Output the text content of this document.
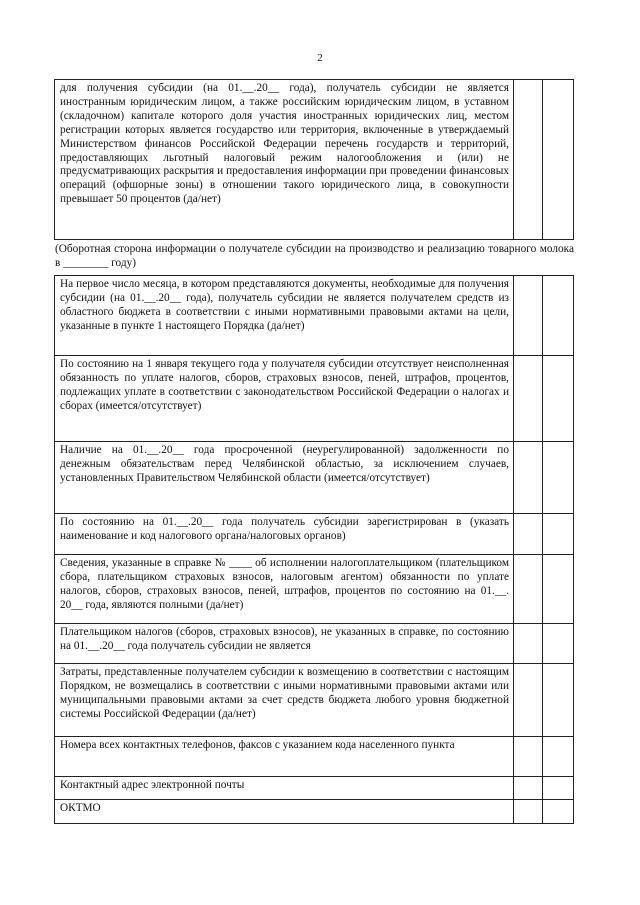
2
для получения субсидии (на 01.__.20__ года), получатель субсидии не является иностранным юридическим лицом, а также российским юридическим лицом, в уставном (складочном) капитале которого доля участия иностранных юридических лиц, местом регистрации которых является государство или территория, включенные в утверждаемый Министерством финансов Российской Федерации перечень государств и территорий, предоставляющих льготный налоговый режим налогообложения и (или) не предусматривающих раскрытия и предоставления информации при проведении финансовых операций (офшорные зоны) в отношении такого юридического лица, в совокупности превышает 50 процентов (да/нет)		
(Оборотная сторона информации о получателе субсидии на производство и реализацию товарного молока в ________ году)
На первое число месяца, в котором представляются документы, необходимые для получения субсидии (на 01.__.20__ года), получатель субсидии не является получателем средств из областного бюджета в соответствии с иными нормативными правовыми актами на цели, указанные в пункте 1 настоящего Порядка (да/нет)		
По состоянию на 1 января текущего года у получателя субсидии отсутствует неисполненная обязанность по уплате налогов, сборов, страховых взносов, пеней, штрафов, процентов, подлежащих уплате в соответствии с законодательством Российской Федерации о налогах и сборах (имеется/отсутствует)		
Наличие на 01.__.20__ года просроченной (неурегулированной) задолженности по денежным обязательствам перед Челябинской областью, за исключением случаев, установленных Правительством Челябинской области (имеется/отсутствует)		
По состоянию на 01.__.20__ года получатель субсидии зарегистрирован в (указать наименование и код налогового органа/налоговых органов)		
Сведения, указанные в справке № ____ об исполнении налогоплательщиком (плательщиком сбора, плательщиком страховых взносов, налоговым агентом) обязанности по уплате налогов, сборов, страховых взносов, пеней, штрафов, процентов по состоянию на 01.__. 20__ года, являются полными (да/нет)		
Плательщиком налогов (сборов, страховых взносов), не указанных в справке, по состоянию на 01.__.20__ года получатель субсидии не является		
Затраты, представленные получателем субсидии к возмещению в соответствии с настоящим Порядком, не возмещались в соответствии с иными нормативными правовыми актами или муниципальными правовыми актами за счет средств бюджета любого уровня бюджетной системы Российской Федерации (да/нет)		
Номера всех контактных телефонов, факсов с указанием кода населенного пункта		
Контактный адрес электронной почты		
ОКТМО		
